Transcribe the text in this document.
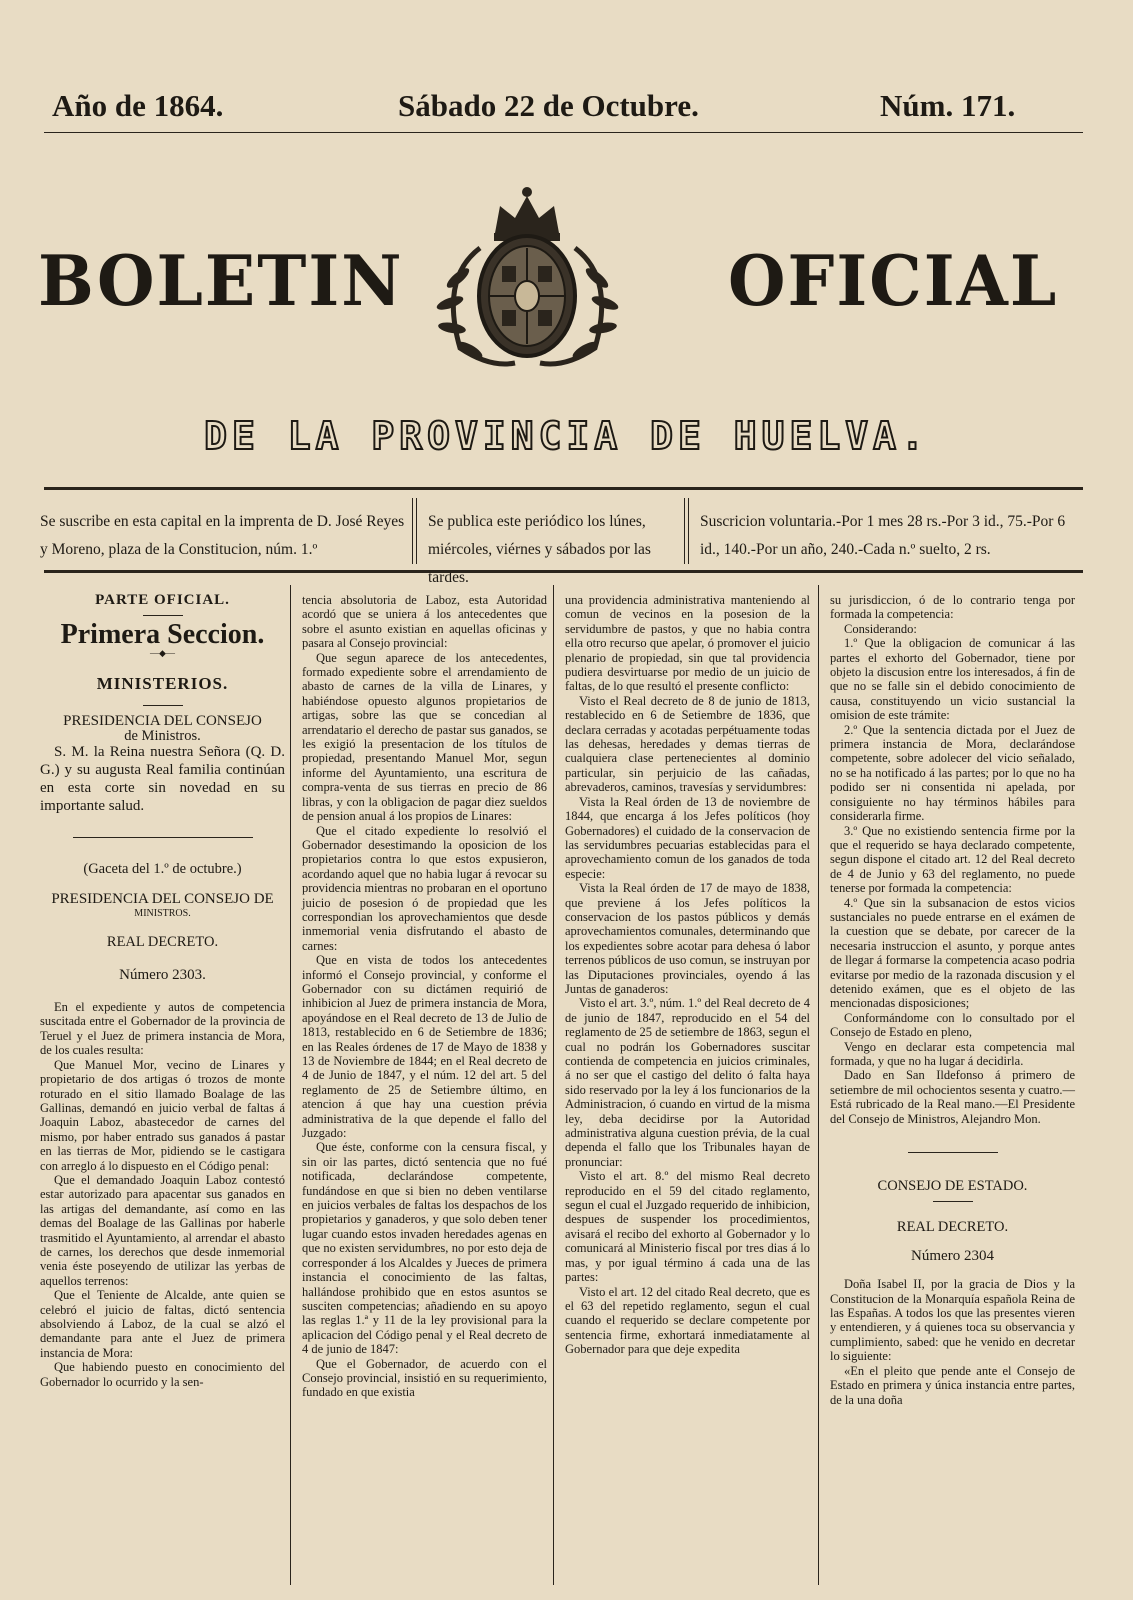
Año de 1864.	Sábado 22 de Octubre.	Núm. 171.
BOLETIN	OFICIAL
DE LA PROVINCIA DE HUELVA.
Se suscribe en esta capital en la imprenta de D. José Reyes y Moreno, plaza de la Constitucion, núm. 1.º
Se publica este periódico los lúnes, miércoles, viérnes y sábados por las tardes.
Suscricion voluntaria.-Por 1 mes 28 rs.-Por 3 id., 75.-Por 6 id., 140.-Por un año, 240.-Cada n.º suelto, 2 rs.
PARTE OFICIAL.
Primera Seccion.
—◆—
MINISTERIOS.
PRESIDENCIA DEL CONSEJO
de Ministros.

S. M. la Reina nuestra Señora (Q. D. G.) y su augusta Real familia continúan en esta corte sin novedad en su importante salud.

(Gaceta del 1.º de octubre.)
PRESIDENCIA DEL CONSEJO DE
MINISTROS.
REAL DECRETO.
Número 2303.

En el expediente y autos de competencia suscitada entre el Gobernador de la provincia de Teruel y el Juez de primera instancia de Mora, de los cuales resulta:

Que Manuel Mor, vecino de Linares y propietario de dos artigas ó trozos de monte roturado en el sitio llamado Boalage de las Gallinas, demandó en juicio verbal de faltas á Joaquin Laboz, abastecedor de carnes del mismo, por haber entrado sus ganados á pastar en las tierras de Mor, pidiendo se le castigara con arreglo á lo dispuesto en el Código penal:

Que el demandado Joaquin Laboz contestó estar autorizado para apacentar sus ganados en las artigas del demandante, así como en las demas del Boalage de las Gallinas por haberle trasmitido el Ayuntamiento, al arrendar el abasto de carnes, los derechos que desde inmemorial venia éste poseyendo de utilizar las yerbas de aquellos terrenos:

Que el Teniente de Alcalde, ante quien se celebró el juicio de faltas, dictó sentencia absolviendo á Laboz, de la cual se alzó el demandante para ante el Juez de primera instancia de Mora:

Que habiendo puesto en conocimiento del Gobernador lo ocurrido y la sen-

tencia absolutoria de Laboz, esta Autoridad acordó que se uniera á los antecedentes que sobre el asunto existian en aquellas oficinas y pasara al Consejo provincial:

Que segun aparece de los antecedentes, formado expediente sobre el arrendamiento de abasto de carnes de la villa de Linares, y habiéndose opuesto algunos propietarios de artigas, sobre las que se concedian al arrendatario el derecho de pastar sus ganados, se les exigió la presentacion de los títulos de propiedad, presentando Manuel Mor, segun informe del Ayuntamiento, una escritura de compra-venta de sus tierras en precio de 86 libras, y con la obligacion de pagar diez sueldos de pension anual á los propios de Linares:

Que el citado expediente lo resolvió el Gobernador desestimando la oposicion de los propietarios contra lo que estos expusieron, acordando aquel que no habia lugar á revocar su providencia mientras no probaran en el oportuno juicio de posesion ó de propiedad que les correspondian los aprovechamientos que desde inmemorial venia disfrutando el abasto de carnes:

Que en vista de todos los antecedentes informó el Consejo provincial, y conforme el Gobernador con su dictámen requirió de inhibicion al Juez de primera instancia de Mora, apoyándose en el Real decreto de 13 de Julio de 1813, restablecido en 6 de Setiembre de 1836; en las Reales órdenes de 17 de Mayo de 1838 y 13 de Noviembre de 1844; en el Real decreto de 4 de Junio de 1847, y el núm. 12 del art. 5 del reglamento de 25 de Setiembre último, en atencion á que hay una cuestion prévia administrativa de la que depende el fallo del Juzgado:

Que éste, conforme con la censura fiscal, y sin oir las partes, dictó sentencia que no fué notificada, declarándose competente, fundándose en que si bien no deben ventilarse en juicios verbales de faltas los despachos de los propietarios y ganaderos, y que solo deben tener lugar cuando estos invaden heredades agenas en que no existen servidumbres, no por esto deja de corresponder á los Alcaldes y Jueces de primera instancia el conocimiento de las faltas, hallándose prohibido que en estos asuntos se susciten competencias; añadiendo en su apoyo las reglas 1.ª y 11 de la ley provisional para la aplicacion del Código penal y el Real decreto de 4 de junio de 1847:

Que el Gobernador, de acuerdo con el Consejo provincial, insistió en su requerimiento, fundado en que existia

una providencia administrativa manteniendo al comun de vecinos en la posesion de la servidumbre de pastos, y que no habia contra ella otro recurso que apelar, ó promover el juicio plenario de propiedad, sin que tal providencia pudiera desvirtuarse por medio de un juicio de faltas, de lo que resultó el presente conflicto:

Visto el Real decreto de 8 de junio de 1813, restablecido en 6 de Setiembre de 1836, que declara cerradas y acotadas perpétuamente todas las dehesas, heredades y demas tierras de cualquiera clase pertenecientes al dominio particular, sin perjuicio de las cañadas, abrevaderos, caminos, travesías y servidumbres:

Vista la Real órden de 13 de noviembre de 1844, que encarga á los Jefes políticos (hoy Gobernadores) el cuidado de la conservacion de las servidumbres pecuarias establecidas para el aprovechamiento comun de los ganados de toda especie:

Vista la Real órden de 17 de mayo de 1838, que previene á los Jefes políticos la conservacion de los pastos públicos y demás aprovechamientos comunales, determinando que los expedientes sobre acotar para dehesa ó labor terrenos públicos de uso comun, se instruyan por las Diputaciones provinciales, oyendo á las Juntas de ganaderos:

Visto el art. 3.º, núm. 1.º del Real decreto de 4 de junio de 1847, reproducido en el 54 del reglamento de 25 de setiembre de 1863, segun el cual no podrán los Gobernadores suscitar contienda de competencia en juicios criminales, á no ser que el castigo del delito ó falta haya sido reservado por la ley á los funcionarios de la Administracion, ó cuando en virtud de la misma ley, deba decidirse por la Autoridad administrativa alguna cuestion prévia, de la cual dependa el fallo que los Tribunales hayan de pronunciar:

Visto el art. 8.º del mismo Real decreto reproducido en el 59 del citado reglamento, segun el cual el Juzgado requerido de inhibicion, despues de suspender los procedimientos, avisará el recibo del exhorto al Gobernador y lo comunicará al Ministerio fiscal por tres dias á lo mas, y por igual término á cada una de las partes:

Visto el art. 12 del citado Real decreto, que es el 63 del repetido reglamento, segun el cual cuando el requerido se declare competente por sentencia firme, exhortará inmediatamente al Gobernador para que deje expedita

su jurisdiccion, ó de lo contrario tenga por formada la competencia:

Considerando:

1.º Que la obligacion de comunicar á las partes el exhorto del Gobernador, tiene por objeto la discusion entre los interesados, á fin de que no se falle sin el debido conocimiento de causa, constituyendo un vicio sustancial la omision de este trámite:

2.º Que la sentencia dictada por el Juez de primera instancia de Mora, declarándose competente, sobre adolecer del vicio señalado, no se ha notificado á las partes; por lo que no ha podido ser ni consentida ni apelada, por consiguiente no hay términos hábiles para considerarla firme.

3.º Que no existiendo sentencia firme por la que el requerido se haya declarado competente, segun dispone el citado art. 12 del Real decreto de 4 de Junio y 63 del reglamento, no puede tenerse por formada la competencia:

4.º Que sin la subsanacion de estos vicios sustanciales no puede entrarse en el exámen de la cuestion que se debate, por carecer de la necesaria instruccion el asunto, y porque antes de llegar á formarse la competencia acaso podria evitarse por medio de la razonada discusion y el detenido exámen, que es el objeto de las mencionadas disposiciones;

Conformándome con lo consultado por el Consejo de Estado en pleno,

Vengo en declarar esta competencia mal formada, y que no ha lugar á decidirla.

Dado en San Ildefonso á primero de setiembre de mil ochocientos sesenta y cuatro.—Está rubricado de la Real mano.—El Presidente del Consejo de Ministros, Alejandro Mon.

CONSEJO DE ESTADO.
REAL DECRETO.
Número 2304

Doña Isabel II, por la gracia de Dios y la Constitucion de la Monarquía española Reina de las Españas. A todos los que las presentes vieren y entendieren, y á quienes toca su observancia y cumplimiento, sabed: que he venido en decretar lo siguiente:

«En el pleito que pende ante el Consejo de Estado en primera y única instancia entre partes, de la una doña
